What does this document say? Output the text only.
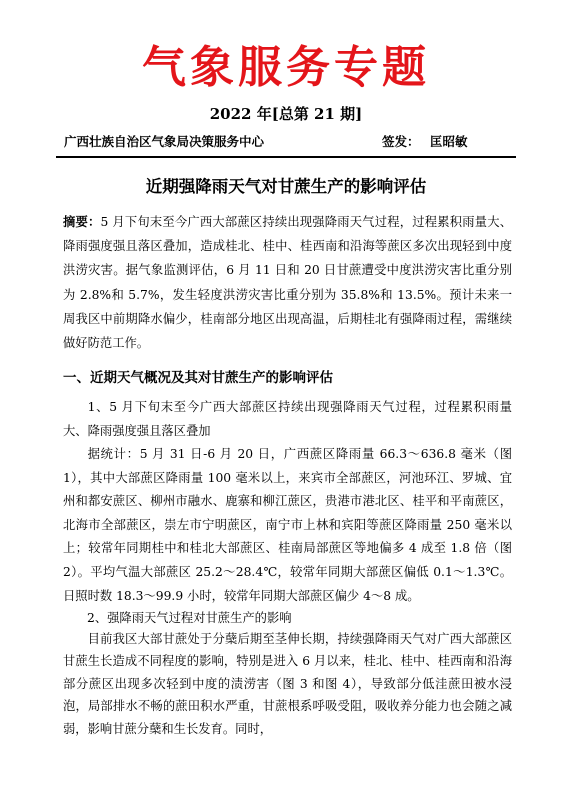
气象服务专题
2022 年[总第 21 期]
广西壮族自治区气象局决策服务中心	签发： 匡昭敏
近期强降雨天气对甘蔗生产的影响评估
摘要：5 月下旬末至今广西大部蔗区持续出现强降雨天气过程，过程累积雨量大、降雨强度强且落区叠加，造成桂北、桂中、桂西南和沿海等蔗区多次出现轻到中度洪涝灾害。据气象监测评估，6 月 11 日和 20 日甘蔗遭受中度洪涝灾害比重分别为 2.8%和 5.7%，发生轻度洪涝灾害比重分别为 35.8%和 13.5%。预计未来一周我区中前期降水偏少，桂南部分地区出现高温，后期桂北有强降雨过程，需继续做好防范工作。
一、近期天气概况及其对甘蔗生产的影响评估
1、5 月下旬末至今广西大部蔗区持续出现强降雨天气过程，过程累积雨量大、降雨强度强且落区叠加
据统计：5 月 31 日-6 月 20 日，广西蔗区降雨量 66.3～636.8 毫米（图 1），其中大部蔗区降雨量 100 毫米以上，来宾市全部蔗区，河池环江、罗城、宜州和都安蔗区、柳州市融水、鹿寨和柳江蔗区，贵港市港北区、桂平和平南蔗区，北海市全部蔗区，崇左市宁明蔗区，南宁市上林和宾阳等蔗区降雨量 250 毫米以上；较常年同期桂中和桂北大部蔗区、桂南局部蔗区等地偏多 4 成至 1.8 倍（图 2）。平均气温大部蔗区 25.2～28.4℃，较常年同期大部蔗区偏低 0.1～1.3℃。日照时数 18.3～99.9 小时，较常年同期大部蔗区偏少 4～8 成。
2、强降雨天气过程对甘蔗生产的影响
目前我区大部甘蔗处于分蘖后期至茎伸长期，持续强降雨天气对广西大部蔗区甘蔗生长造成不同程度的影响，特别是进入 6 月以来，桂北、桂中、桂西南和沿海部分蔗区出现多次轻到中度的渍涝害（图 3 和图 4），导致部分低洼蔗田被水浸泡，局部排水不畅的蔗田积水严重，甘蔗根系呼吸受阻，吸收养分能力也会随之减弱，影响甘蔗分蘖和生长发育。同时，
